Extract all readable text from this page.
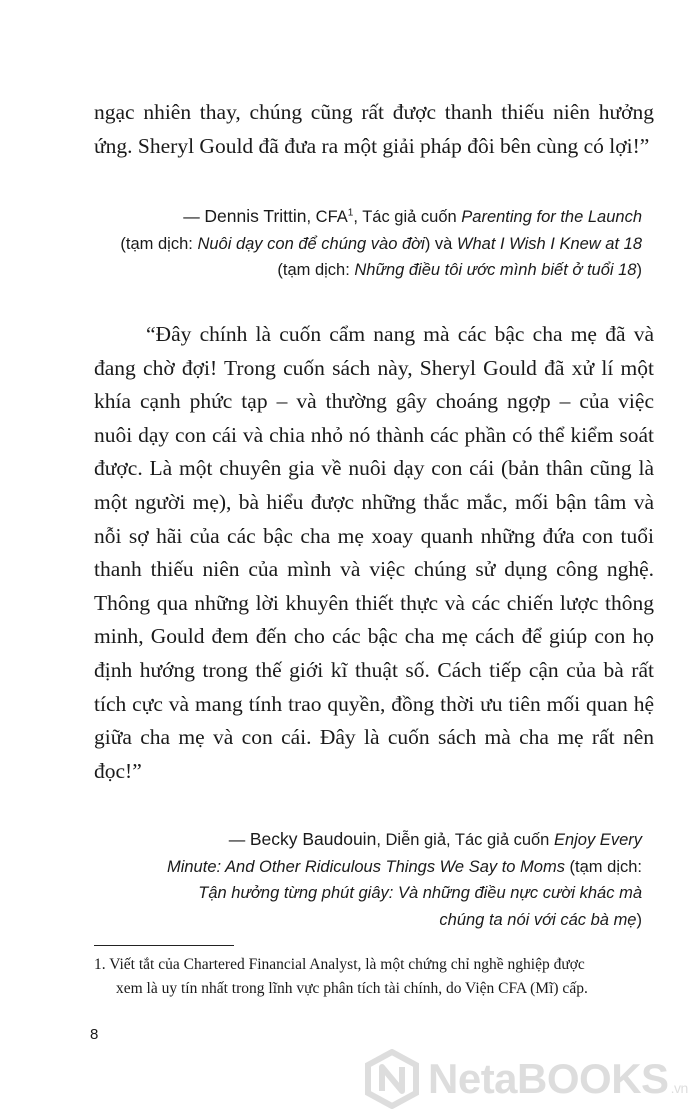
ngạc nhiên thay, chúng cũng rất được thanh thiếu niên hưởng ứng. Sheryl Gould đã đưa ra một giải pháp đôi bên cùng có lợi!”

— Dennis Trittin, CFA$^1$, Tác giả cuốn Parenting for the Launch
(tạm dịch: Nuôi dạy con để chúng vào đời) và What I Wish I Knew at 18
(tạm dịch: Những điều tôi ước mình biết ở tuổi 18)

“Đây chính là cuốn cẩm nang mà các bậc cha mẹ đã và đang chờ đợi! Trong cuốn sách này, Sheryl Gould đã xử lí một khía cạnh phức tạp – và thường gây choáng ngợp – của việc nuôi dạy con cái và chia nhỏ nó thành các phần có thể kiểm soát được. Là một chuyên gia về nuôi dạy con cái (bản thân cũng là một người mẹ), bà hiểu được những thắc mắc, mối bận tâm và nỗi sợ hãi của các bậc cha mẹ xoay quanh những đứa con tuổi thanh thiếu niên của mình và việc chúng sử dụng công nghệ. Thông qua những lời khuyên thiết thực và các chiến lược thông minh, Gould đem đến cho các bậc cha mẹ cách để giúp con họ định hướng trong thế giới kĩ thuật số. Cách tiếp cận của bà rất tích cực và mang tính trao quyền, đồng thời ưu tiên mối quan hệ giữa cha mẹ và con cái. Đây là cuốn sách mà cha mẹ rất nên đọc!”

— Becky Baudouin, Diễn giả, Tác giả cuốn Enjoy Every
Minute: And Other Ridiculous Things We Say to Moms (tạm dịch:
Tận hưởng từng phút giây: Và những điều nực cười khác mà
chúng ta nói với các bà mẹ)
1. Viết tắt của Chartered Financial Analyst, là một chứng chỉ nghề nghiệp được
xem là uy tín nhất trong lĩnh vực phân tích tài chính, do Viện CFA (Mĩ) cấp.
8
NetaBOOKS .vn
